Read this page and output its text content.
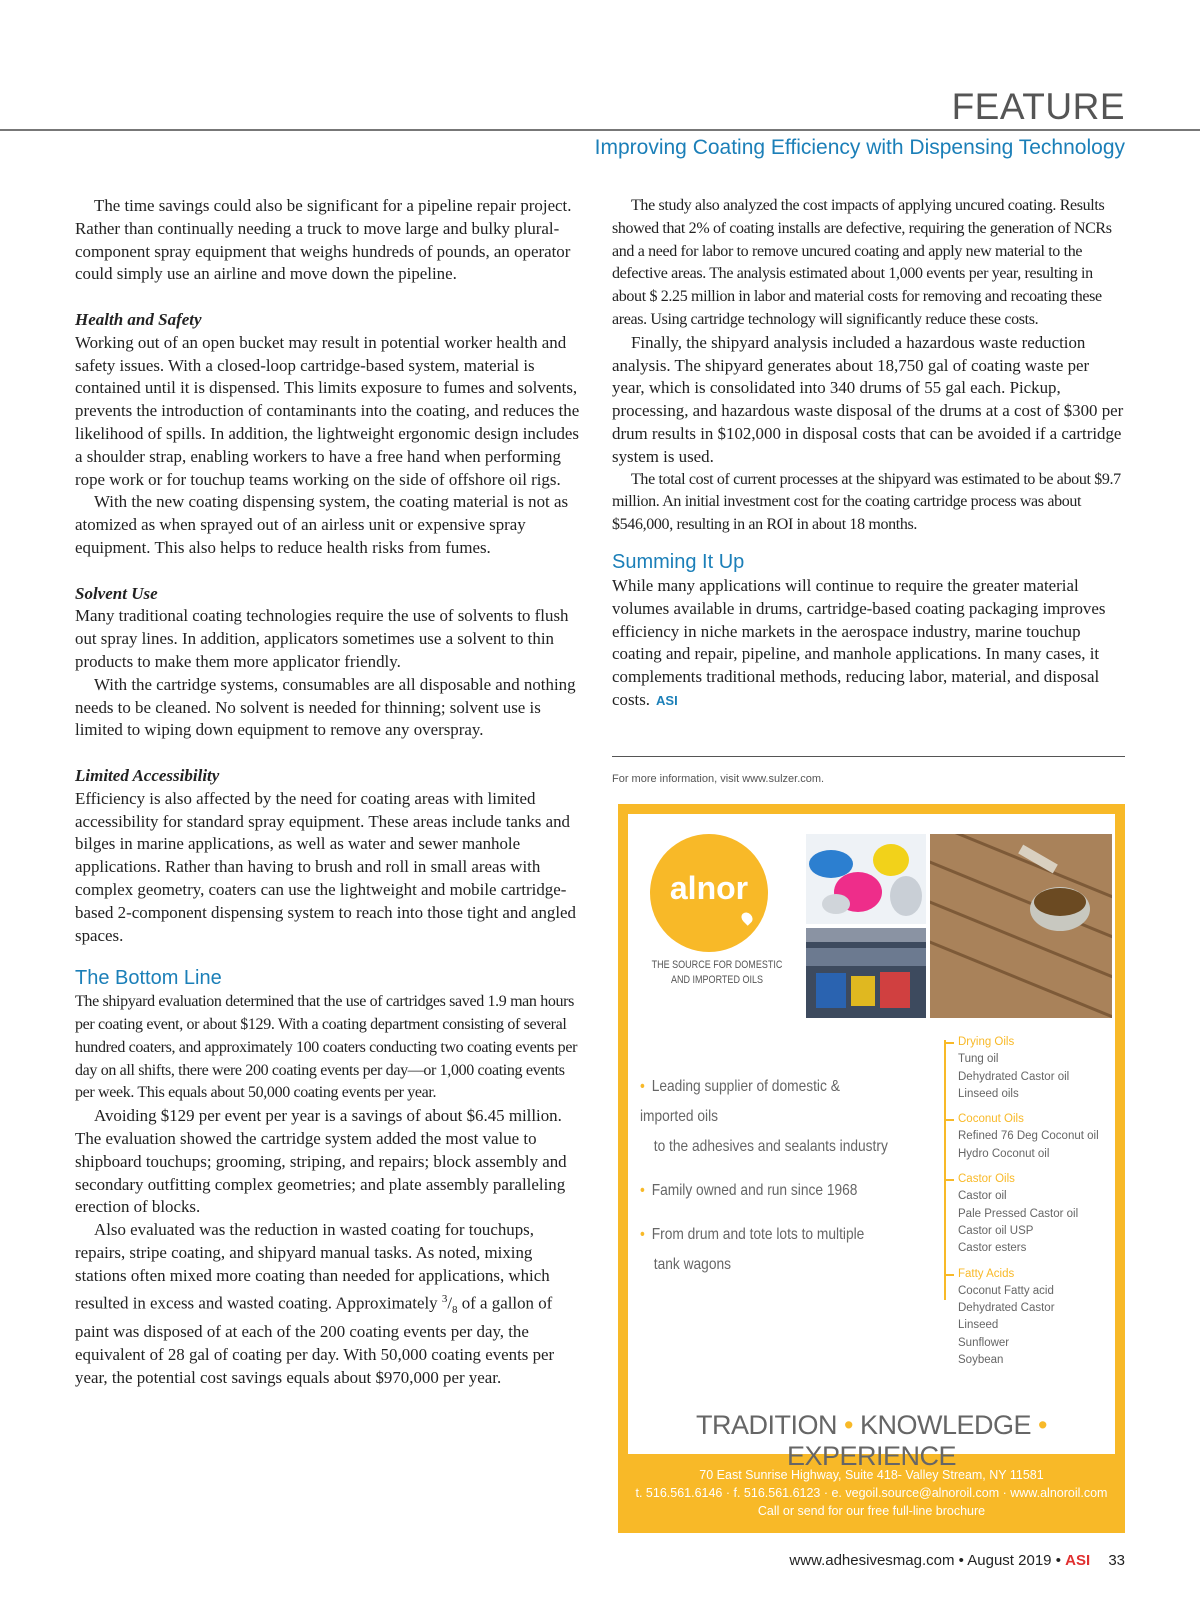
FEATURE
Improving Coating Efficiency with Dispensing Technology

The time savings could also be significant for a pipeline repair project. Rather than continually needing a truck to move large and bulky plural-component spray equipment that weighs hundreds of pounds, an operator could simply use an airline and move down the pipeline.

Health and Safety

Working out of an open bucket may result in potential worker health and safety issues. With a closed-loop cartridge-based system, material is contained until it is dispensed. This limits exposure to fumes and solvents, prevents the introduction of contaminants into the coating, and reduces the likelihood of spills. In addition, the lightweight ergonomic design includes a shoulder strap, enabling workers to have a free hand when performing rope work or for touchup teams working on the side of offshore oil rigs.

With the new coating dispensing system, the coating material is not as atomized as when sprayed out of an airless unit or expensive spray equipment. This also helps to reduce health risks from fumes.

Solvent Use

Many traditional coating technologies require the use of solvents to flush out spray lines. In addition, applicators sometimes use a solvent to thin products to make them more applicator friendly.

With the cartridge systems, consumables are all disposable and nothing needs to be cleaned. No solvent is needed for thinning; solvent use is limited to wiping down equipment to remove any overspray.

Limited Accessibility

Efficiency is also affected by the need for coating areas with limited accessibility for standard spray equipment. These areas include tanks and bilges in marine applications, as well as water and sewer manhole applications. Rather than having to brush and roll in small areas with complex geometry, coaters can use the lightweight and mobile cartridge-based 2-component dispensing system to reach into those tight and angled spaces.

The Bottom Line

The shipyard evaluation determined that the use of cartridges saved 1.9 man hours per coating event, or about $129. With a coating department consisting of several hundred coaters, and approximately 100 coaters conducting two coating events per day on all shifts, there were 200 coating events per day—or 1,000 coating events per week. This equals about 50,000 coating events per year.

Avoiding $129 per event per year is a savings of about $6.45 million. The evaluation showed the cartridge system added the most value to shipboard touchups; grooming, striping, and repairs; block assembly and secondary outfitting complex geometries; and plate assembly paralleling erection of blocks.

Also evaluated was the reduction in wasted coating for touchups, repairs, stripe coating, and shipyard manual tasks. As noted, mixing stations often mixed more coating than needed for applications, which resulted in excess and wasted coating. Approximately $^3/_8$ of a gallon of paint was disposed of at each of the 200 coating events per day, the equivalent of 28 gal of coating per day. With 50,000 coating events per year, the potential cost savings equals about $970,000 per year.

The study also analyzed the cost impacts of applying uncured coating. Results showed that 2% of coating installs are defective, requiring the generation of NCRs and a need for labor to remove uncured coating and apply new material to the defective areas. The analysis estimated about 1,000 events per year, resulting in about $ 2.25 million in labor and material costs for removing and recoating these areas. Using cartridge technology will significantly reduce these costs.

Finally, the shipyard analysis included a hazardous waste reduction analysis. The shipyard generates about 18,750 gal of coating waste per year, which is consolidated into 340 drums of 55 gal each. Pickup, processing, and hazardous waste disposal of the drums at a cost of $300 per drum results in $102,000 in disposal costs that can be avoided if a cartridge system is used.

The total cost of current processes at the shipyard was estimated to be about $9.7 million. An initial investment cost for the coating cartridge process was about $546,000, resulting in an ROI in about 18 months.

Summing It Up

While many applications will continue to require the greater material volumes available in drums, cartridge-based coating packaging improves efficiency in niche markets in the aerospace industry, marine touchup coating and repair, pipeline, and manhole applications. In many cases, it complements traditional methods, reducing labor, material, and disposal costs. ASI

For more information, visit www.sulzer.com.
alnor
THE SOURCE FOR DOMESTIC
AND IMPORTED OILS
• Leading supplier of domestic & imported oils
to the adhesives and sealants industry
• Family owned and run since 1968
• From drum and tote lots to multiple
tank wagons
Drying Oils
Tung oil
Dehydrated Castor oil
Linseed oils
Coconut Oils
Refined 76 Deg Coconut oil
Hydro Coconut oil
Castor Oils
Castor oil
Pale Pressed Castor oil
Castor oil USP
Castor esters
Fatty Acids
Coconut Fatty acid
Dehydrated Castor
Linseed
Sunflower
Soybean
TRADITION • KNOWLEDGE • EXPERIENCE
70 East Sunrise Highway, Suite 418- Valley Stream, NY 11581
t. 516.561.6146 · f. 516.561.6123 · e. vegoil.source@alnoroil.com · www.alnoroil.com
Call or send for our free full-line brochure
www.adhesivesmag.com • August 2019 • ASI 33
